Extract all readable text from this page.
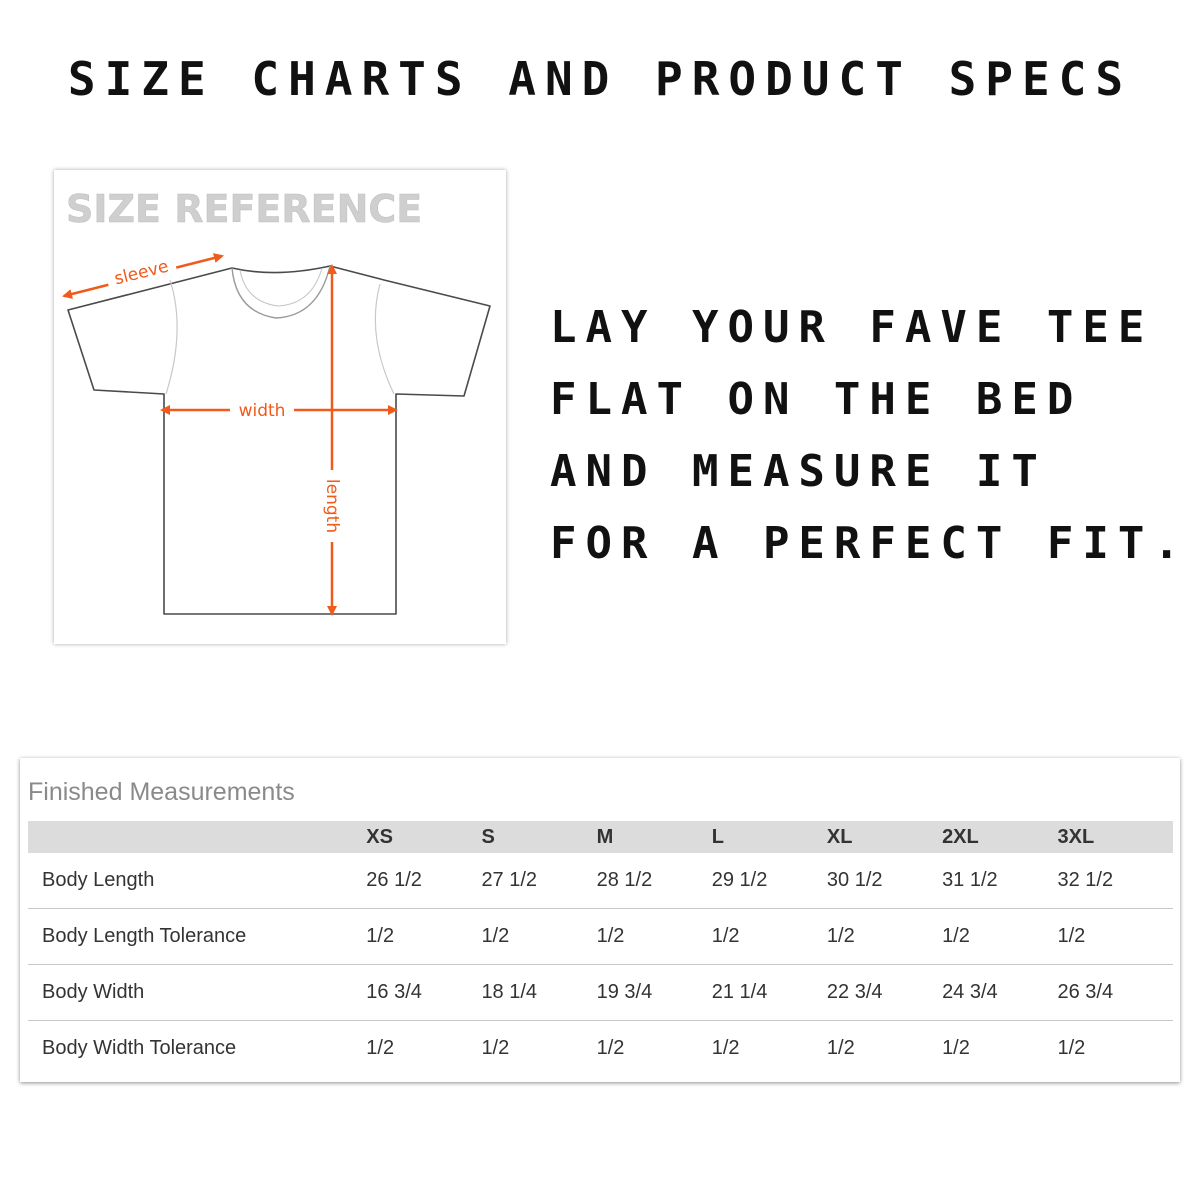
SIZE CHARTS AND PRODUCT SPECS
SIZE REFERENCE
sleeve
width
length
LAY YOUR FAVE TEE
FLAT ON THE BED
AND MEASURE IT
FOR A PERFECT FIT.
Finished Measurements
	XS	S	M	L	XL	2XL	3XL
Body Length	26 1/2	27 1/2	28 1/2	29 1/2	30 1/2	31 1/2	32 1/2
Body Length Tolerance	1/2	1/2	1/2	1/2	1/2	1/2	1/2
Body Width	16 3/4	18 1/4	19 3/4	21 1/4	22 3/4	24 3/4	26 3/4
Body Width Tolerance	1/2	1/2	1/2	1/2	1/2	1/2	1/2
